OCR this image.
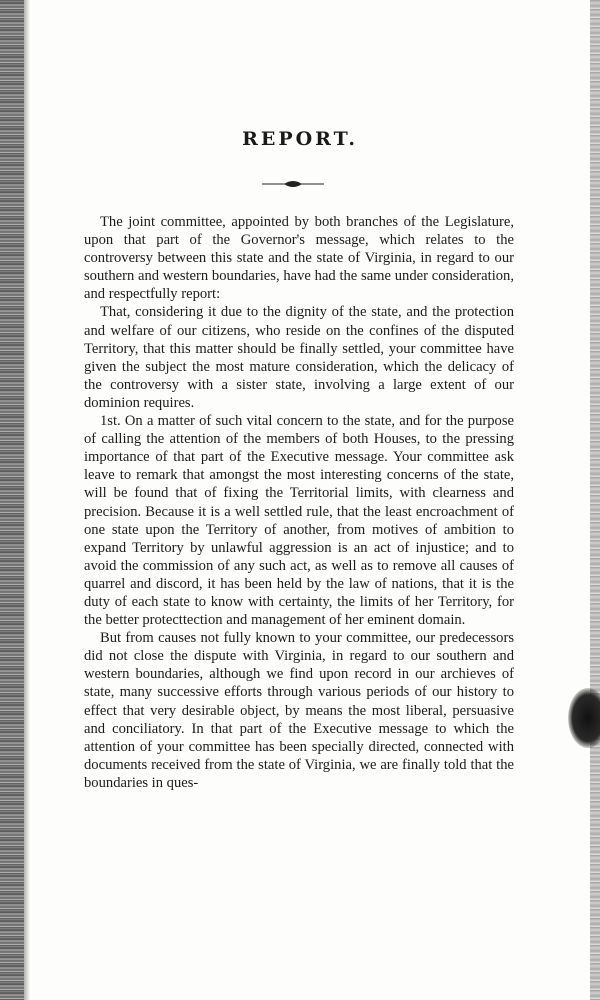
REPORT.

The joint committee, appointed by both branches of the Legislature, upon that part of the Governor's message, which relates to the controversy between this state and the state of Virginia, in regard to our southern and western boundaries, have had the same under consideration, and respectfully report:

That, considering it due to the dignity of the state, and the protection and welfare of our citizens, who reside on the confines of the disputed Territory, that this matter should be finally settled, your committee have given the subject the most mature consideration, which the delicacy of the controversy with a sister state, involving a large extent of our dominion requires.

1st. On a matter of such vital concern to the state, and for the purpose of calling the attention of the members of both Houses, to the pressing importance of that part of the Executive message. Your committee ask leave to remark that amongst the most interesting concerns of the state, will be found that of fixing the Territorial limits, with clearness and precision. Because it is a well settled rule, that the least encroachment of one state upon the Territory of another, from motives of ambition to expand Territory by unlawful aggression is an act of injustice; and to avoid the commission of any such act, as well as to remove all causes of quarrel and discord, it has been held by the law of nations, that it is the duty of each state to know with certainty, the limits of her Territory, for the better protecttection and management of her eminent domain.

But from causes not fully known to your committee, our predecessors did not close the dispute with Virginia, in regard to our southern and western boundaries, although we find upon record in our archieves of state, many successive efforts through various periods of our history to effect that very desirable object, by means the most liberal, persuasive and conciliatory. In that part of the Executive message to which the attention of your committee has been specially directed, connected with documents received from the state of Virginia, we are finally told that the boundaries in ques-
